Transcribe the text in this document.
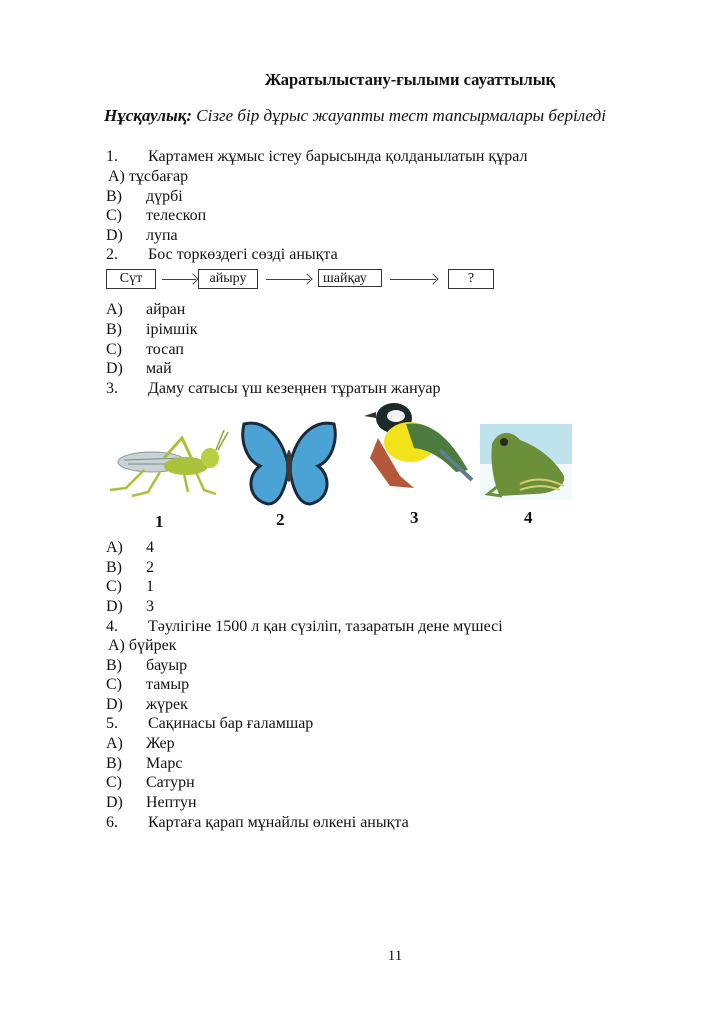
Жаратылыстану-ғылыми сауаттылық
Нұсқаулық: Сізге бір дұрыс жауапты тест тапсырмалары беріледі
1. Картамен жұмыс істеу барысында қолданылатын құрал
A) тұсбағар
B) дүрбі
C) телескоп
D) лупа
2. Бос торкөздегі сөзді анықта
Сүт	айыру	шайқау	?
A) айран
B) ірімшік
C) тосап
D) май
3. Даму сатысы үш кезеңнен тұратын жануар
1	2	3	4
A) 4
B) 2
C) 1
D) 3
4. Тәулігіне 1500 л қан сүзіліп, тазаратын дене мүшесі
A) бүйрек
B) бауыр
C) тамыр
D) жүрек
5. Сақинасы бар ғаламшар
A) Жер
B) Марс
C) Сатурн
D) Нептун
6. Картаға қарап мұнайлы өлкені анықта
11
